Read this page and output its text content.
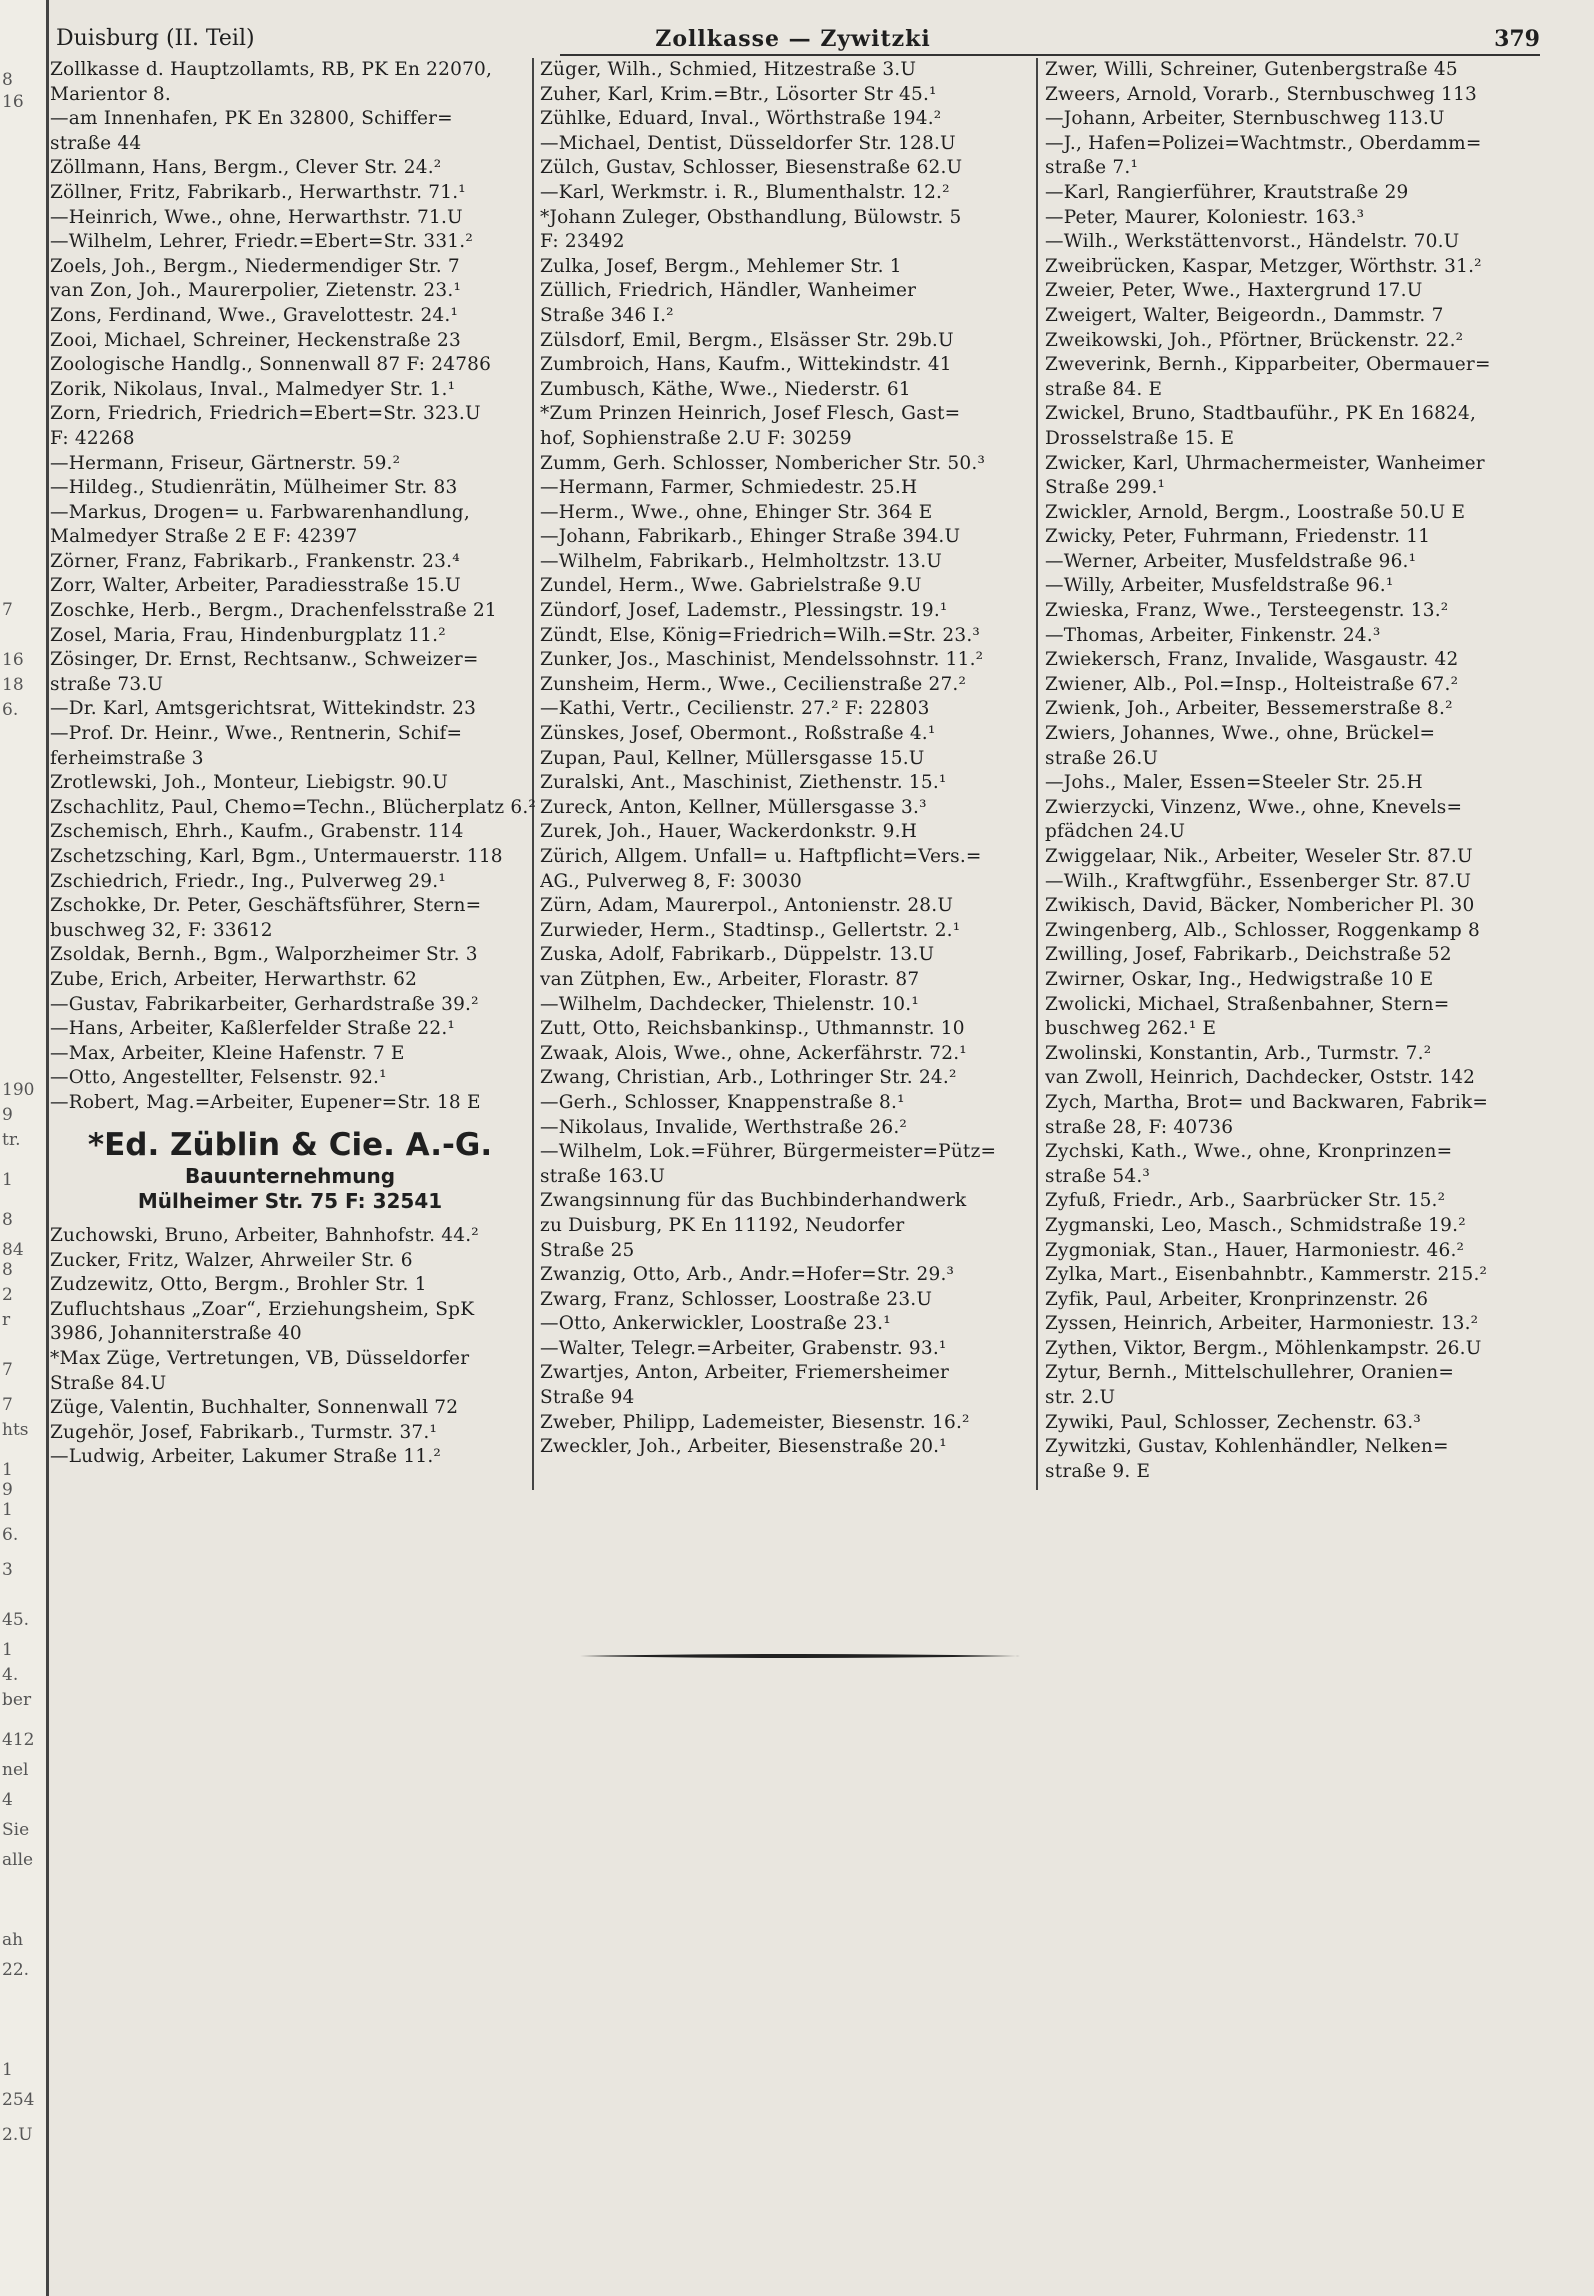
8
16
7
16
18
6.
190
9
tr.
1
8
84
8
2
r
7
7
hts
1
9
1
6.
3
45.
1
4.
ber
412
nel
4
Sie
alle
ah
22.
1
254
2.U
Duisburg (II. Teil)	Zollkasse — Zywitzki	379
Zollkasse d. Hauptzollamts, RB, PK En 22070,
Marientor 8.
—am Innenhafen, PK En 32800, Schiffer=
straße 44
Zöllmann, Hans, Bergm., Clever Str. 24.²
Zöllner, Fritz, Fabrikarb., Herwarthstr. 71.¹
—Heinrich, Wwe., ohne, Herwarthstr. 71.U
—Wilhelm, Lehrer, Friedr.=Ebert=Str. 331.²
Zoels, Joh., Bergm., Niedermendiger Str. 7
van Zon, Joh., Maurerpolier, Zietenstr. 23.¹
Zons, Ferdinand, Wwe., Gravelottestr. 24.¹
Zooi, Michael, Schreiner, Heckenstraße 23
Zoologische Handlg., Sonnenwall 87 F: 24786
Zorik, Nikolaus, Inval., Malmedyer Str. 1.¹
Zorn, Friedrich, Friedrich=Ebert=Str. 323.U
F: 42268
—Hermann, Friseur, Gärtnerstr. 59.²
—Hildeg., Studienrätin, Mülheimer Str. 83
—Markus, Drogen= u. Farbwarenhandlung,
Malmedyer Straße 2 E F: 42397
Zörner, Franz, Fabrikarb., Frankenstr. 23.⁴
Zorr, Walter, Arbeiter, Paradiesstraße 15.U
Zoschke, Herb., Bergm., Drachenfelsstraße 21
Zosel, Maria, Frau, Hindenburgplatz 11.²
Zösinger, Dr. Ernst, Rechtsanw., Schweizer=
straße 73.U
—Dr. Karl, Amtsgerichtsrat, Wittekindstr. 23
—Prof. Dr. Heinr., Wwe., Rentnerin, Schif=
ferheimstraße 3
Zrotlewski, Joh., Monteur, Liebigstr. 90.U
Zschachlitz, Paul, Chemo=Techn., Blücherplatz 6.²
Zschemisch, Ehrh., Kaufm., Grabenstr. 114
Zschetzsching, Karl, Bgm., Untermauerstr. 118
Zschiedrich, Friedr., Ing., Pulverweg 29.¹
Zschokke, Dr. Peter, Geschäftsführer, Stern=
buschweg 32, F: 33612
Zsoldak, Bernh., Bgm., Walporzheimer Str. 3
Zube, Erich, Arbeiter, Herwarthstr. 62
—Gustav, Fabrikarbeiter, Gerhardstraße 39.²
—Hans, Arbeiter, Kaßlerfelder Straße 22.¹
—Max, Arbeiter, Kleine Hafenstr. 7 E
—Otto, Angestellter, Felsenstr. 92.¹
—Robert, Mag.=Arbeiter, Eupener=Str. 18 E
Züger, Wilh., Schmied, Hitzestraße 3.U
Zuher, Karl, Krim.=Btr., Lösorter Str 45.¹
Zühlke, Eduard, Inval., Wörthstraße 194.²
—Michael, Dentist, Düsseldorfer Str. 128.U
Zülch, Gustav, Schlosser, Biesenstraße 62.U
—Karl, Werkmstr. i. R., Blumenthalstr. 12.²
*Johann Zuleger, Obsthandlung, Bülowstr. 5
F: 23492
Zulka, Josef, Bergm., Mehlemer Str. 1
Züllich, Friedrich, Händler, Wanheimer
Straße 346 I.²
Zülsdorf, Emil, Bergm., Elsässer Str. 29b.U
Zumbroich, Hans, Kaufm., Wittekindstr. 41
Zumbusch, Käthe, Wwe., Niederstr. 61
*Zum Prinzen Heinrich, Josef Flesch, Gast=
hof, Sophienstraße 2.U F: 30259
Zumm, Gerh. Schlosser, Nombericher Str. 50.³
—Hermann, Farmer, Schmiedestr. 25.H
—Herm., Wwe., ohne, Ehinger Str. 364 E
—Johann, Fabrikarb., Ehinger Straße 394.U
—Wilhelm, Fabrikarb., Helmholtzstr. 13.U
Zundel, Herm., Wwe. Gabrielstraße 9.U
Zündorf, Josef, Lademstr., Plessingstr. 19.¹
Zündt, Else, König=Friedrich=Wilh.=Str. 23.³
Zunker, Jos., Maschinist, Mendelssohnstr. 11.²
Zunsheim, Herm., Wwe., Cecilienstraße 27.²
—Kathi, Vertr., Cecilienstr. 27.² F: 22803
Zünskes, Josef, Obermont., Roßstraße 4.¹
Zupan, Paul, Kellner, Müllersgasse 15.U
Zuralski, Ant., Maschinist, Ziethenstr. 15.¹
Zureck, Anton, Kellner, Müllersgasse 3.³
Zurek, Joh., Hauer, Wackerdonkstr. 9.H
Zürich, Allgem. Unfall= u. Haftpflicht=Vers.=
AG., Pulverweg 8, F: 30030
Zürn, Adam, Maurerpol., Antonienstr. 28.U
Zurwieder, Herm., Stadtinsp., Gellertstr. 2.¹
Zuska, Adolf, Fabrikarb., Düppelstr. 13.U
van Zütphen, Ew., Arbeiter, Florastr. 87
—Wilhelm, Dachdecker, Thielenstr. 10.¹
Zutt, Otto, Reichsbankinsp., Uthmannstr. 10
Zwaak, Alois, Wwe., ohne, Ackerfährstr. 72.¹
Zwang, Christian, Arb., Lothringer Str. 24.²
—Gerh., Schlosser, Knappenstraße 8.¹
—Nikolaus, Invalide, Werthstraße 26.²
—Wilhelm, Lok.=Führer, Bürgermeister=Pütz=
straße 163.U
Zwangsinnung für das Buchbinderhandwerk
zu Duisburg, PK En 11192, Neudorfer
Straße 25
Zwanzig, Otto, Arb., Andr.=Hofer=Str. 29.³
Zwarg, Franz, Schlosser, Loostraße 23.U
—Otto, Ankerwickler, Loostraße 23.¹
—Walter, Telegr.=Arbeiter, Grabenstr. 93.¹
Zwartjes, Anton, Arbeiter, Friemersheimer
Straße 94
Zweber, Philipp, Lademeister, Biesenstr. 16.²
Zweckler, Joh., Arbeiter, Biesenstraße 20.¹
Zwer, Willi, Schreiner, Gutenbergstraße 45
Zweers, Arnold, Vorarb., Sternbuschweg 113
—Johann, Arbeiter, Sternbuschweg 113.U
—J., Hafen=Polizei=Wachtmstr., Oberdamm=
straße 7.¹
—Karl, Rangierführer, Krautstraße 29
—Peter, Maurer, Koloniestr. 163.³
—Wilh., Werkstättenvorst., Händelstr. 70.U
Zweibrücken, Kaspar, Metzger, Wörthstr. 31.²
Zweier, Peter, Wwe., Haxtergrund 17.U
Zweigert, Walter, Beigeordn., Dammstr. 7
Zweikowski, Joh., Pförtner, Brückenstr. 22.²
Zweverink, Bernh., Kipparbeiter, Obermauer=
straße 84. E
Zwickel, Bruno, Stadtbauführ., PK En 16824,
Drosselstraße 15. E
Zwicker, Karl, Uhrmachermeister, Wanheimer
Straße 299.¹
Zwickler, Arnold, Bergm., Loostraße 50.U E
Zwicky, Peter, Fuhrmann, Friedenstr. 11
—Werner, Arbeiter, Musfeldstraße 96.¹
—Willy, Arbeiter, Musfeldstraße 96.¹
Zwieska, Franz, Wwe., Tersteegenstr. 13.²
—Thomas, Arbeiter, Finkenstr. 24.³
Zwiekersch, Franz, Invalide, Wasgaustr. 42
Zwiener, Alb., Pol.=Insp., Holteistraße 67.²
Zwienk, Joh., Arbeiter, Bessemerstraße 8.²
Zwiers, Johannes, Wwe., ohne, Brückel=
straße 26.U
—Johs., Maler, Essen=Steeler Str. 25.H
Zwierzycki, Vinzenz, Wwe., ohne, Knevels=
pfädchen 24.U
Zwiggelaar, Nik., Arbeiter, Weseler Str. 87.U
—Wilh., Kraftwgführ., Essenberger Str. 87.U
Zwikisch, David, Bäcker, Nombericher Pl. 30
Zwingenberg, Alb., Schlosser, Roggenkamp 8
Zwilling, Josef, Fabrikarb., Deichstraße 52
Zwirner, Oskar, Ing., Hedwigstraße 10 E
Zwolicki, Michael, Straßenbahner, Stern=
buschweg 262.¹ E
Zwolinski, Konstantin, Arb., Turmstr. 7.²
van Zwoll, Heinrich, Dachdecker, Oststr. 142
Zych, Martha, Brot= und Backwaren, Fabrik=
straße 28, F: 40736
Zychski, Kath., Wwe., ohne, Kronprinzen=
straße 54.³
Zyfuß, Friedr., Arb., Saarbrücker Str. 15.²
Zygmanski, Leo, Masch., Schmidstraße 19.²
Zygmoniak, Stan., Hauer, Harmoniestr. 46.²
Zylka, Mart., Eisenbahnbtr., Kammerstr. 215.²
Zyfik, Paul, Arbeiter, Kronprinzenstr. 26
Zyssen, Heinrich, Arbeiter, Harmoniestr. 13.²
Zythen, Viktor, Bergm., Möhlenkampstr. 26.U
Zytur, Bernh., Mittelschullehrer, Oranien=
str. 2.U
Zywiki, Paul, Schlosser, Zechenstr. 63.³
Zywitzki, Gustav, Kohlenhändler, Nelken=
straße 9. E
*Ed. Züblin & Cie. A.-G.
Bauunternehmung
Mülheimer Str. 75 F: 32541
Zuchowski, Bruno, Arbeiter, Bahnhofstr. 44.²
Zucker, Fritz, Walzer, Ahrweiler Str. 6
Zudzewitz, Otto, Bergm., Brohler Str. 1
Zufluchtshaus „Zoar“, Erziehungsheim, SpK
3986, Johanniterstraße 40
*Max Züge, Vertretungen, VB, Düsseldorfer
Straße 84.U
Züge, Valentin, Buchhalter, Sonnenwall 72
Zugehör, Josef, Fabrikarb., Turmstr. 37.¹
—Ludwig, Arbeiter, Lakumer Straße 11.²
